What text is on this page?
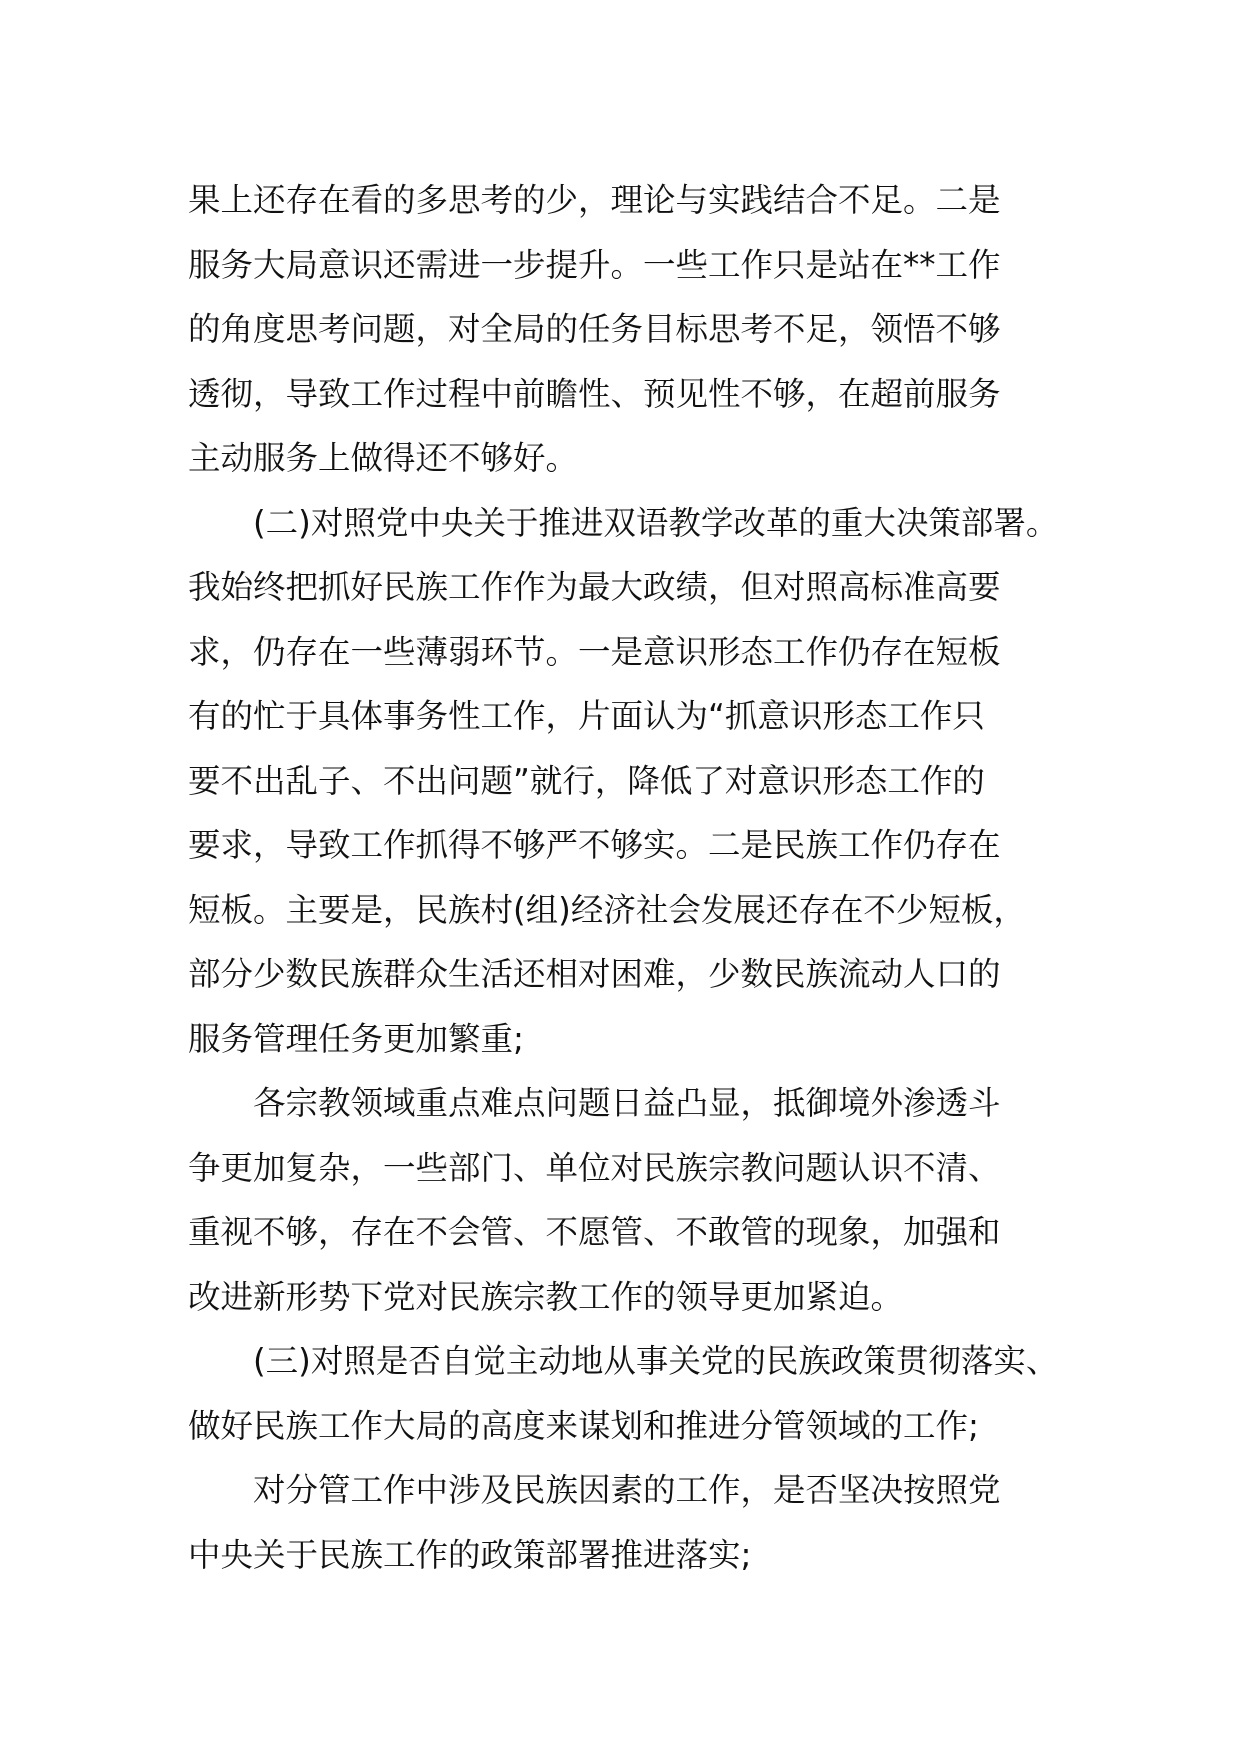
果上还存在看的多思考的少，理论与实践结合不足。二是
服务大局意识还需进一步提升。一些工作只是站在**工作
的角度思考问题，对全局的任务目标思考不足，领悟不够
透彻，导致工作过程中前瞻性、预见性不够，在超前服务
主动服务上做得还不够好。
　　(二)对照党中央关于推进双语教学改革的重大决策部署。
我始终把抓好民族工作作为最大政绩，但对照高标准高要
求，仍存在一些薄弱环节。一是意识形态工作仍存在短板
有的忙于具体事务性工作，片面认为“抓意识形态工作只
要不出乱子、不出问题”就行，降低了对意识形态工作的
要求，导致工作抓得不够严不够实。二是民族工作仍存在
短板。主要是，民族村(组)经济社会发展还存在不少短板，
部分少数民族群众生活还相对困难，少数民族流动人口的
服务管理任务更加繁重;
　　各宗教领域重点难点问题日益凸显，抵御境外渗透斗
争更加复杂，一些部门、单位对民族宗教问题认识不清、
重视不够，存在不会管、不愿管、不敢管的现象，加强和
改进新形势下党对民族宗教工作的领导更加紧迫。
　　(三)对照是否自觉主动地从事关党的民族政策贯彻落实、
做好民族工作大局的高度来谋划和推进分管领域的工作;
　　对分管工作中涉及民族因素的工作，是否坚决按照党
中央关于民族工作的政策部署推进落实;
